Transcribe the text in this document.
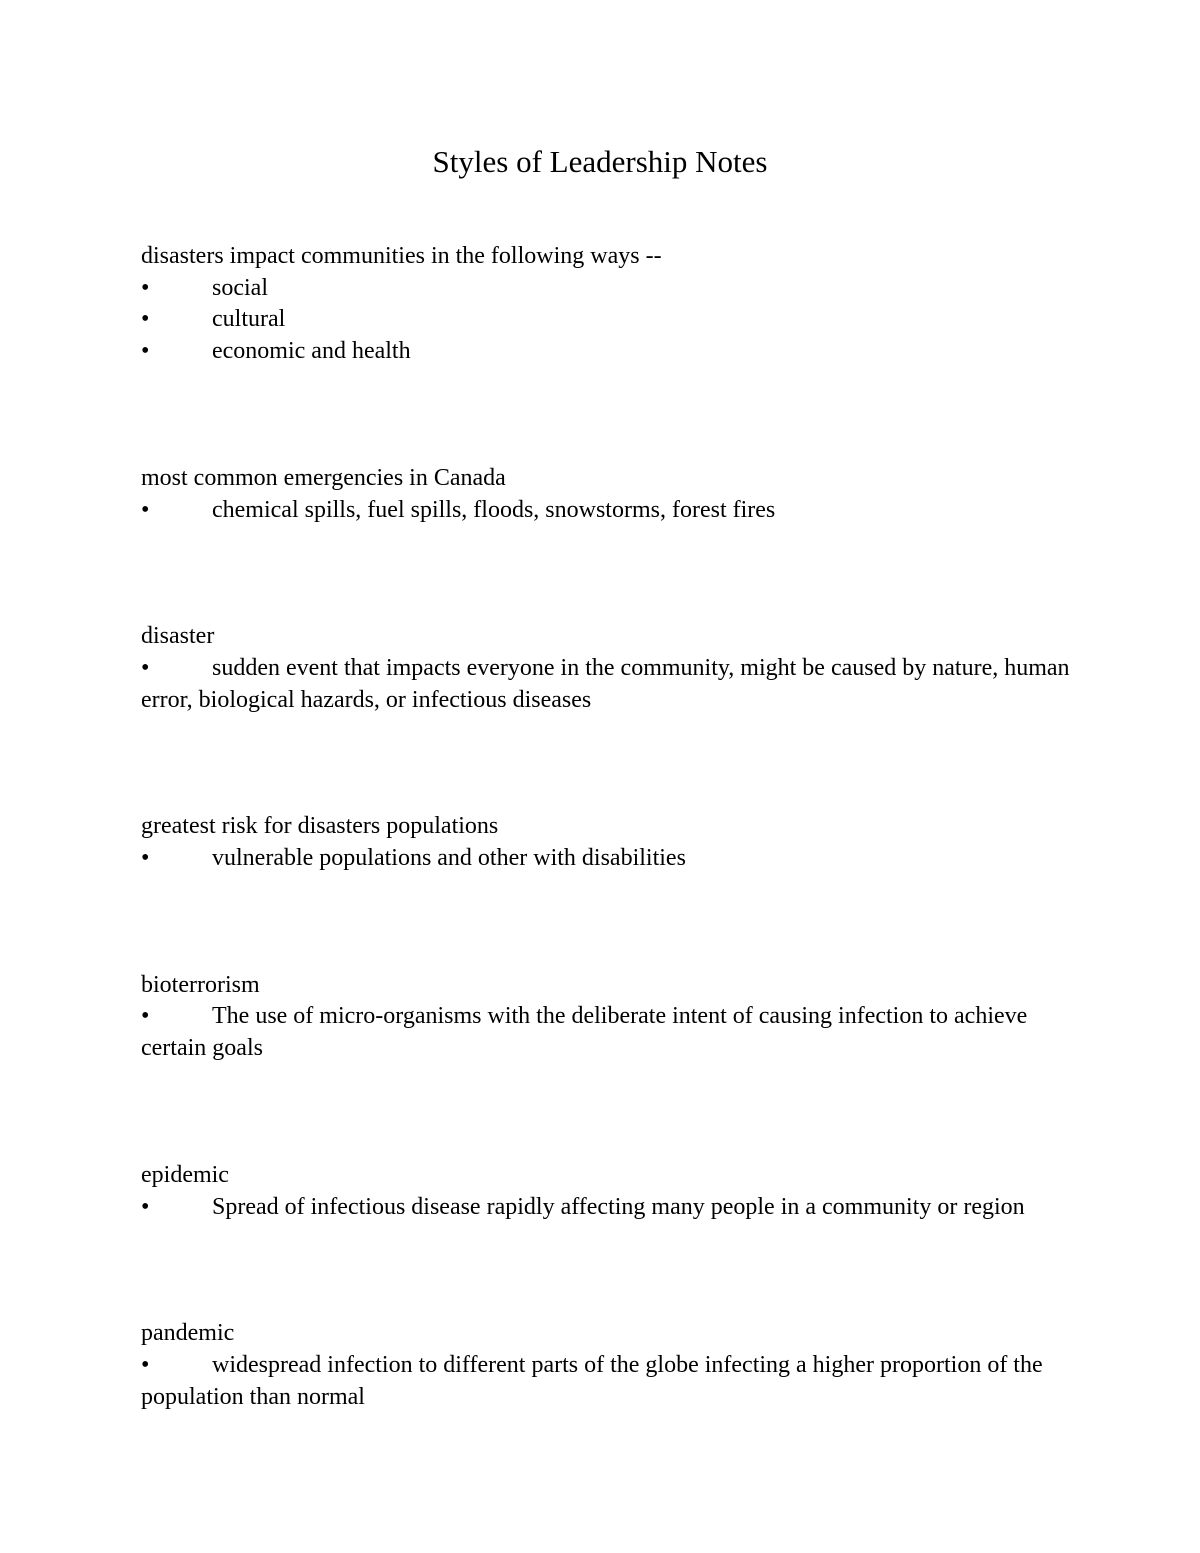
Styles of Leadership Notes

disasters impact communities in the following ways --

•	social
•	cultural
•	economic and health

most common emergencies in Canada

•	chemical spills, fuel spills, floods, snowstorms, forest fires

disaster

•	sudden event that impacts everyone in the community, might be caused by nature, human error, biological hazards, or infectious diseases

greatest risk for disasters populations

•	vulnerable populations and other with disabilities

bioterrorism

•	The use of micro-organisms with the deliberate intent of causing infection to achieve certain goals

epidemic

•	Spread of infectious disease rapidly affecting many people in a community or region

pandemic

•	widespread infection to different parts of the globe infecting a higher proportion of the population than normal
